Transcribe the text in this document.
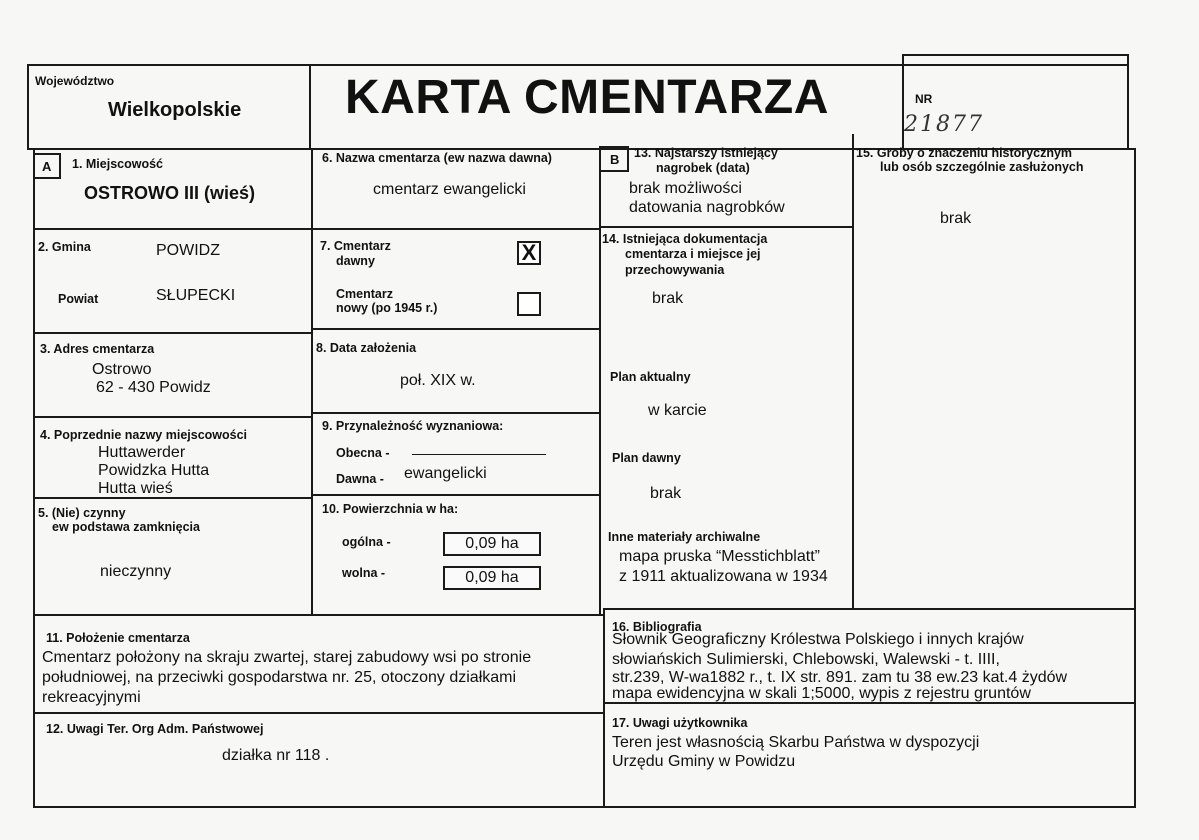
Województwo
Wielkopolskie KARTA CMENTARZA	NR
21877
A 1. Miejscowość
OSTROWO III (wieś)
2. Gmina	POWIDZ
Powiat	SŁUPECKI
3. Adres cmentarza
Ostrowo
62 - 430 Powidz
4. Poprzednie nazwy miejscowości
Huttawerder
Powidzka Hutta
Hutta wieś
5. (Nie) czynny
ew podstawa zamknięcia
nieczynny
6. Nazwa cmentarza (ew nazwa dawna)
cmentarz ewangelicki
7. Cmentarz
dawny	X
Cmentarz
nowy (po 1945 r.)
8. Data założenia
poł. XIX w.
9. Przynależność wyznaniowa:
Obecna -
Dawna - ewangelicki
10. Powierzchnia w ha:
ogólna -	0,09 ha
wolna -	0,09 ha
B 13. Najstarszy istniejący
nagrobek (data)
brak możliwości
datowania nagrobków
14. Istniejąca dokumentacja
cmentarza i miejsce jej
przechowywania
brak
Plan aktualny
w karcie
Plan dawny
brak
Inne materiały archiwalne
mapa pruska “Messtichblatt”
z 1911 aktualizowana w 1934
15. Groby o znaczeniu historycznym
lub osób szczególnie zasłużonych
brak
11. Położenie cmentarza
Cmentarz położony na skraju zwartej, starej zabudowy wsi po stronie
południowej, na przeciwki gospodarstwa nr. 25, otoczony działkami
rekreacyjnymi
12. Uwagi Ter. Org Adm. Państwowej
działka nr 118 .
16. Bibliografia
Słownik Geograficzny Królestwa Polskiego i innych krajów
słowiańskich Sulimierski, Chlebowski, Walewski - t. IIII,
str.239, W-wa1882 r., t. IX str. 891. zam tu 38 ew.23 kat.4 żydów
mapa ewidencyjna w skali 1;5000, wypis z rejestru gruntów
17. Uwagi użytkownika
Teren jest własnością Skarbu Państwa w dyspozycji
Urzędu Gminy w Powidzu
